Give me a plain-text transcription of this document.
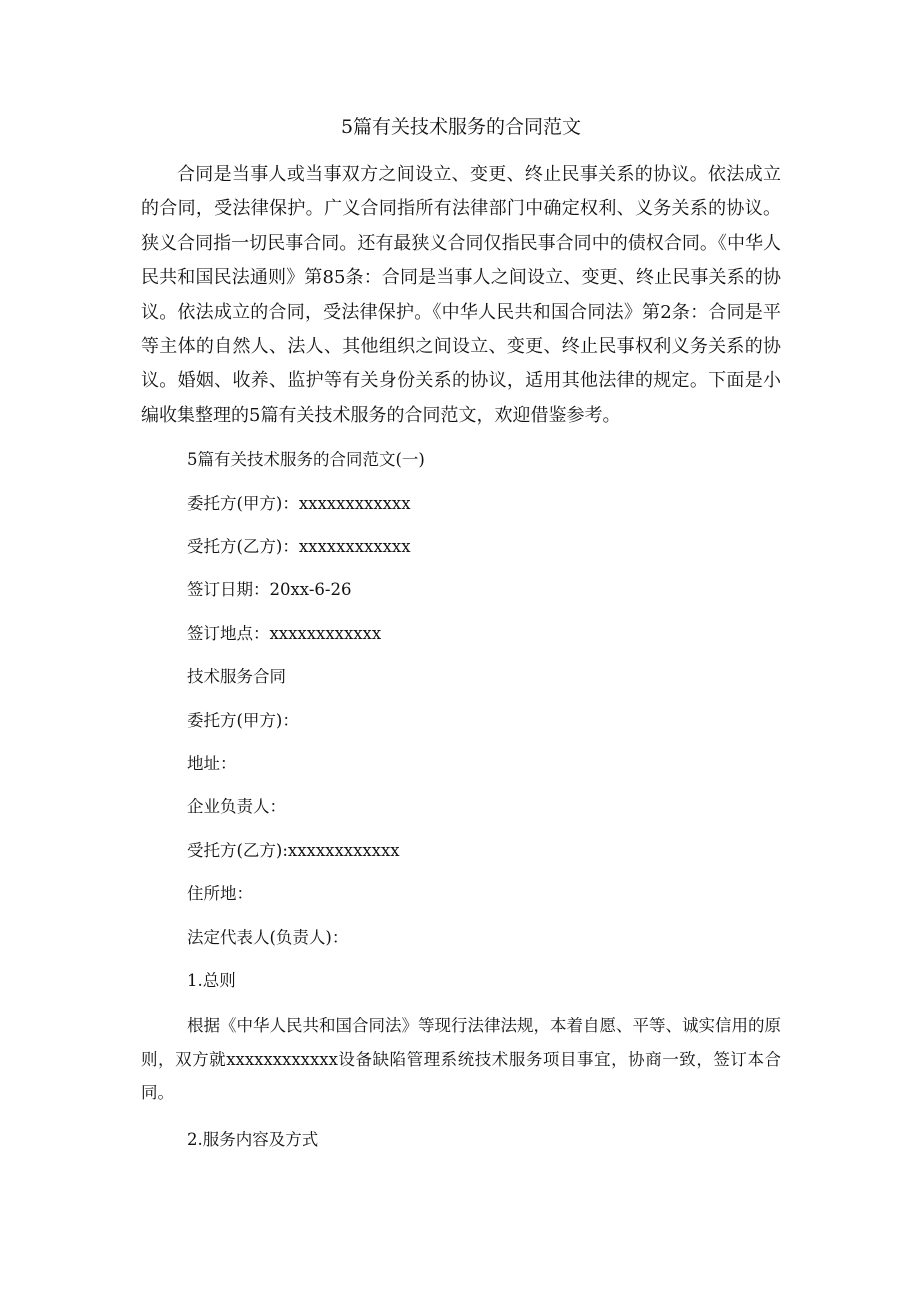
5篇有关技术服务的合同范文

合同是当事人或当事双方之间设立、变更、终止民事关系的协议。依法成立的合同，受法律保护。广义合同指所有法律部门中确定权利、义务关系的协议。狭义合同指一切民事合同。还有最狭义合同仅指民事合同中的债权合同。《中华人民共和国民法通则》第85条：合同是当事人之间设立、变更、终止民事关系的协议。依法成立的合同，受法律保护。《中华人民共和国合同法》第2条：合同是平等主体的自然人、法人、其他组织之间设立、变更、终止民事权利义务关系的协议。婚姻、收养、监护等有关身份关系的协议，适用其他法律的规定。下面是小编收集整理的5篇有关技术服务的合同范文，欢迎借鉴参考。

5篇有关技术服务的合同范文(一)
委托方(甲方)：xxxxxxxxxxxx
受托方(乙方)：xxxxxxxxxxxx
签订日期：20xx-6-26
签订地点：xxxxxxxxxxxx
技术服务合同
委托方(甲方)：
地址：
企业负责人：
受托方(乙方):xxxxxxxxxxxx
住所地：
法定代表人(负责人)：
1.总则

根据《中华人民共和国合同法》等现行法律法规，本着自愿、平等、诚实信用的原则，双方就xxxxxxxxxxxx设备缺陷管理系统技术服务项目事宜，协商一致，签订本合同。

2.服务内容及方式
